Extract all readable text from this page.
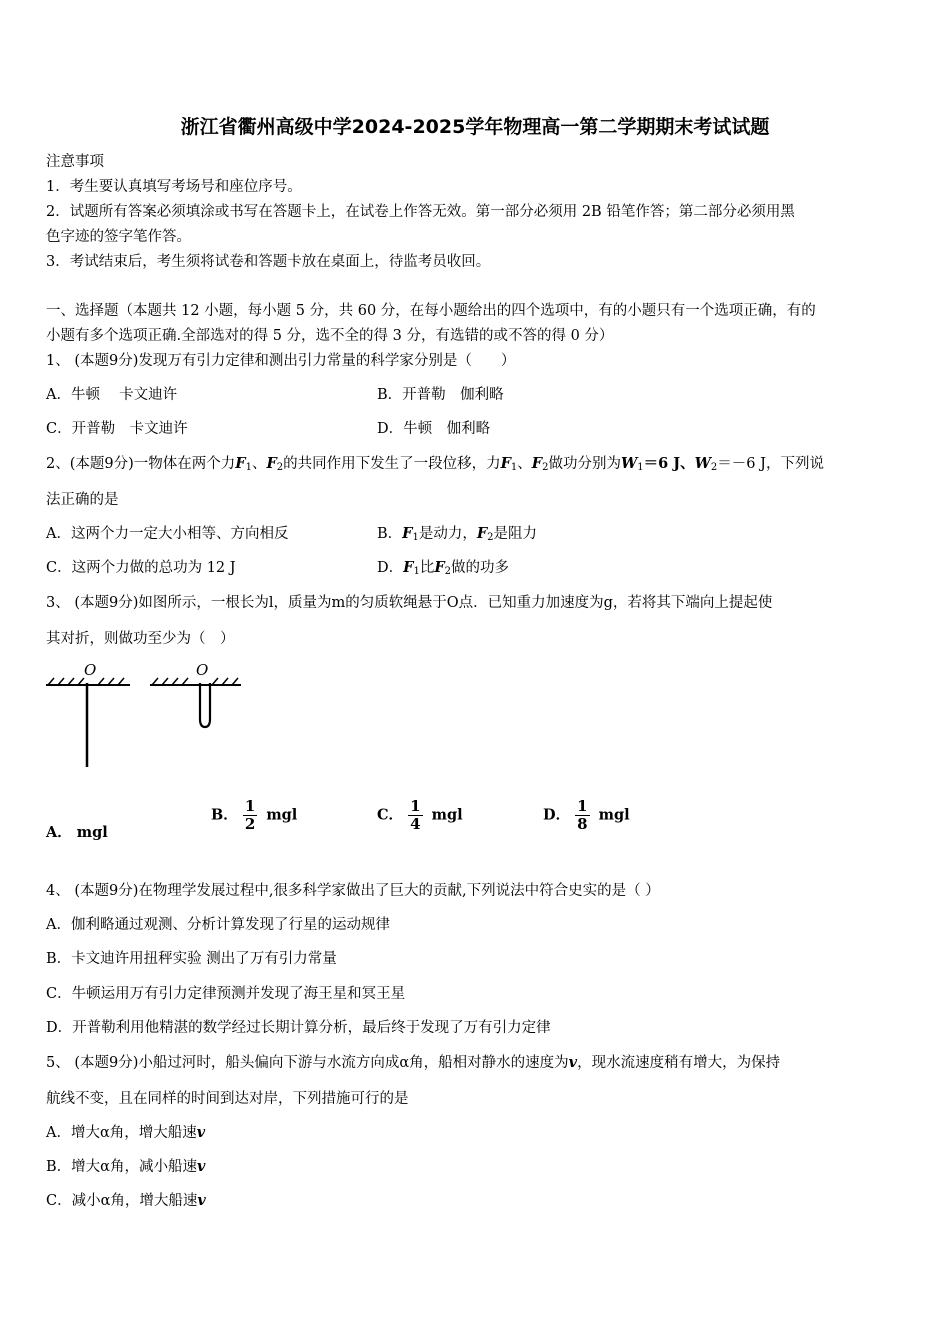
浙江省衢州高级中学2024-2025学年物理高一第二学期期末考试试题
注意事项
1．考生要认真填写考场号和座位序号。
2．试题所有答案必须填涂或书写在答题卡上，在试卷上作答无效。第一部分必须用 2B 铅笔作答；第二部分必须用黑
色字迹的签字笔作答。
3．考试结束后，考生须将试卷和答题卡放在桌面上，待监考员收回。
一、选择题（本题共 12 小题，每小题 5 分，共 60 分，在每小题给出的四个选项中，有的小题只有一个选项正确，有的
小题有多个选项正确.全部选对的得 5 分，选不全的得 3 分，有选错的或不答的得 0 分）
1、 (本题9分)发现万有引力定律和测出引力常量的科学家分别是（　　）
A．牛顿　 卡文迪许	B．开普勒　伽利略
C．开普勒　卡文迪许	D．牛顿　伽利略
2、(本题9分)一物体在两个力$F_1$、$F_2$的共同作用下发生了一段位移，力$F_1$、$F_2$做功分别为$W_1=6$ J、$W_2=-6$ J，下列说
法正确的是
A．这两个力一定大小相等、方向相反	B．$F_1$是动力，$F_2$是阻力
C．这两个力做的总功为 12 J	D．$F_1$比$F_2$做的功多
3、 (本题9分)如图所示，一根长为l，质量为m的匀质软绳悬于O点．已知重力加速度为g，若将其下端向上提起使
其对折，则做功至少为（　）
O	O
A． mgl
B． $\frac{1}{2}$ mgl	C． $\frac{1}{4}$ mgl	D． $\frac{1}{8}$ mgl
4、 (本题9分)在物理学发展过程中,很多科学家做出了巨大的贡献,下列说法中符合史实的是（ ）
A．伽利略通过观测、分析计算发现了行星的运动规律
B．卡文迪许用扭秤实验 测出了万有引力常量
C．牛顿运用万有引力定律预测并发现了海王星和冥王星
D．开普勒利用他精湛的数学经过长期计算分析，最后终于发现了万有引力定律
5、 (本题9分)小船过河时，船头偏向下游与水流方向成α角，船相对静水的速度为v，现水流速度稍有增大，为保持
航线不变，且在同样的时间到达对岸，下列措施可行的是
A．增大α角，增大船速v
B．增大α角，减小船速v
C．减小α角，增大船速v
